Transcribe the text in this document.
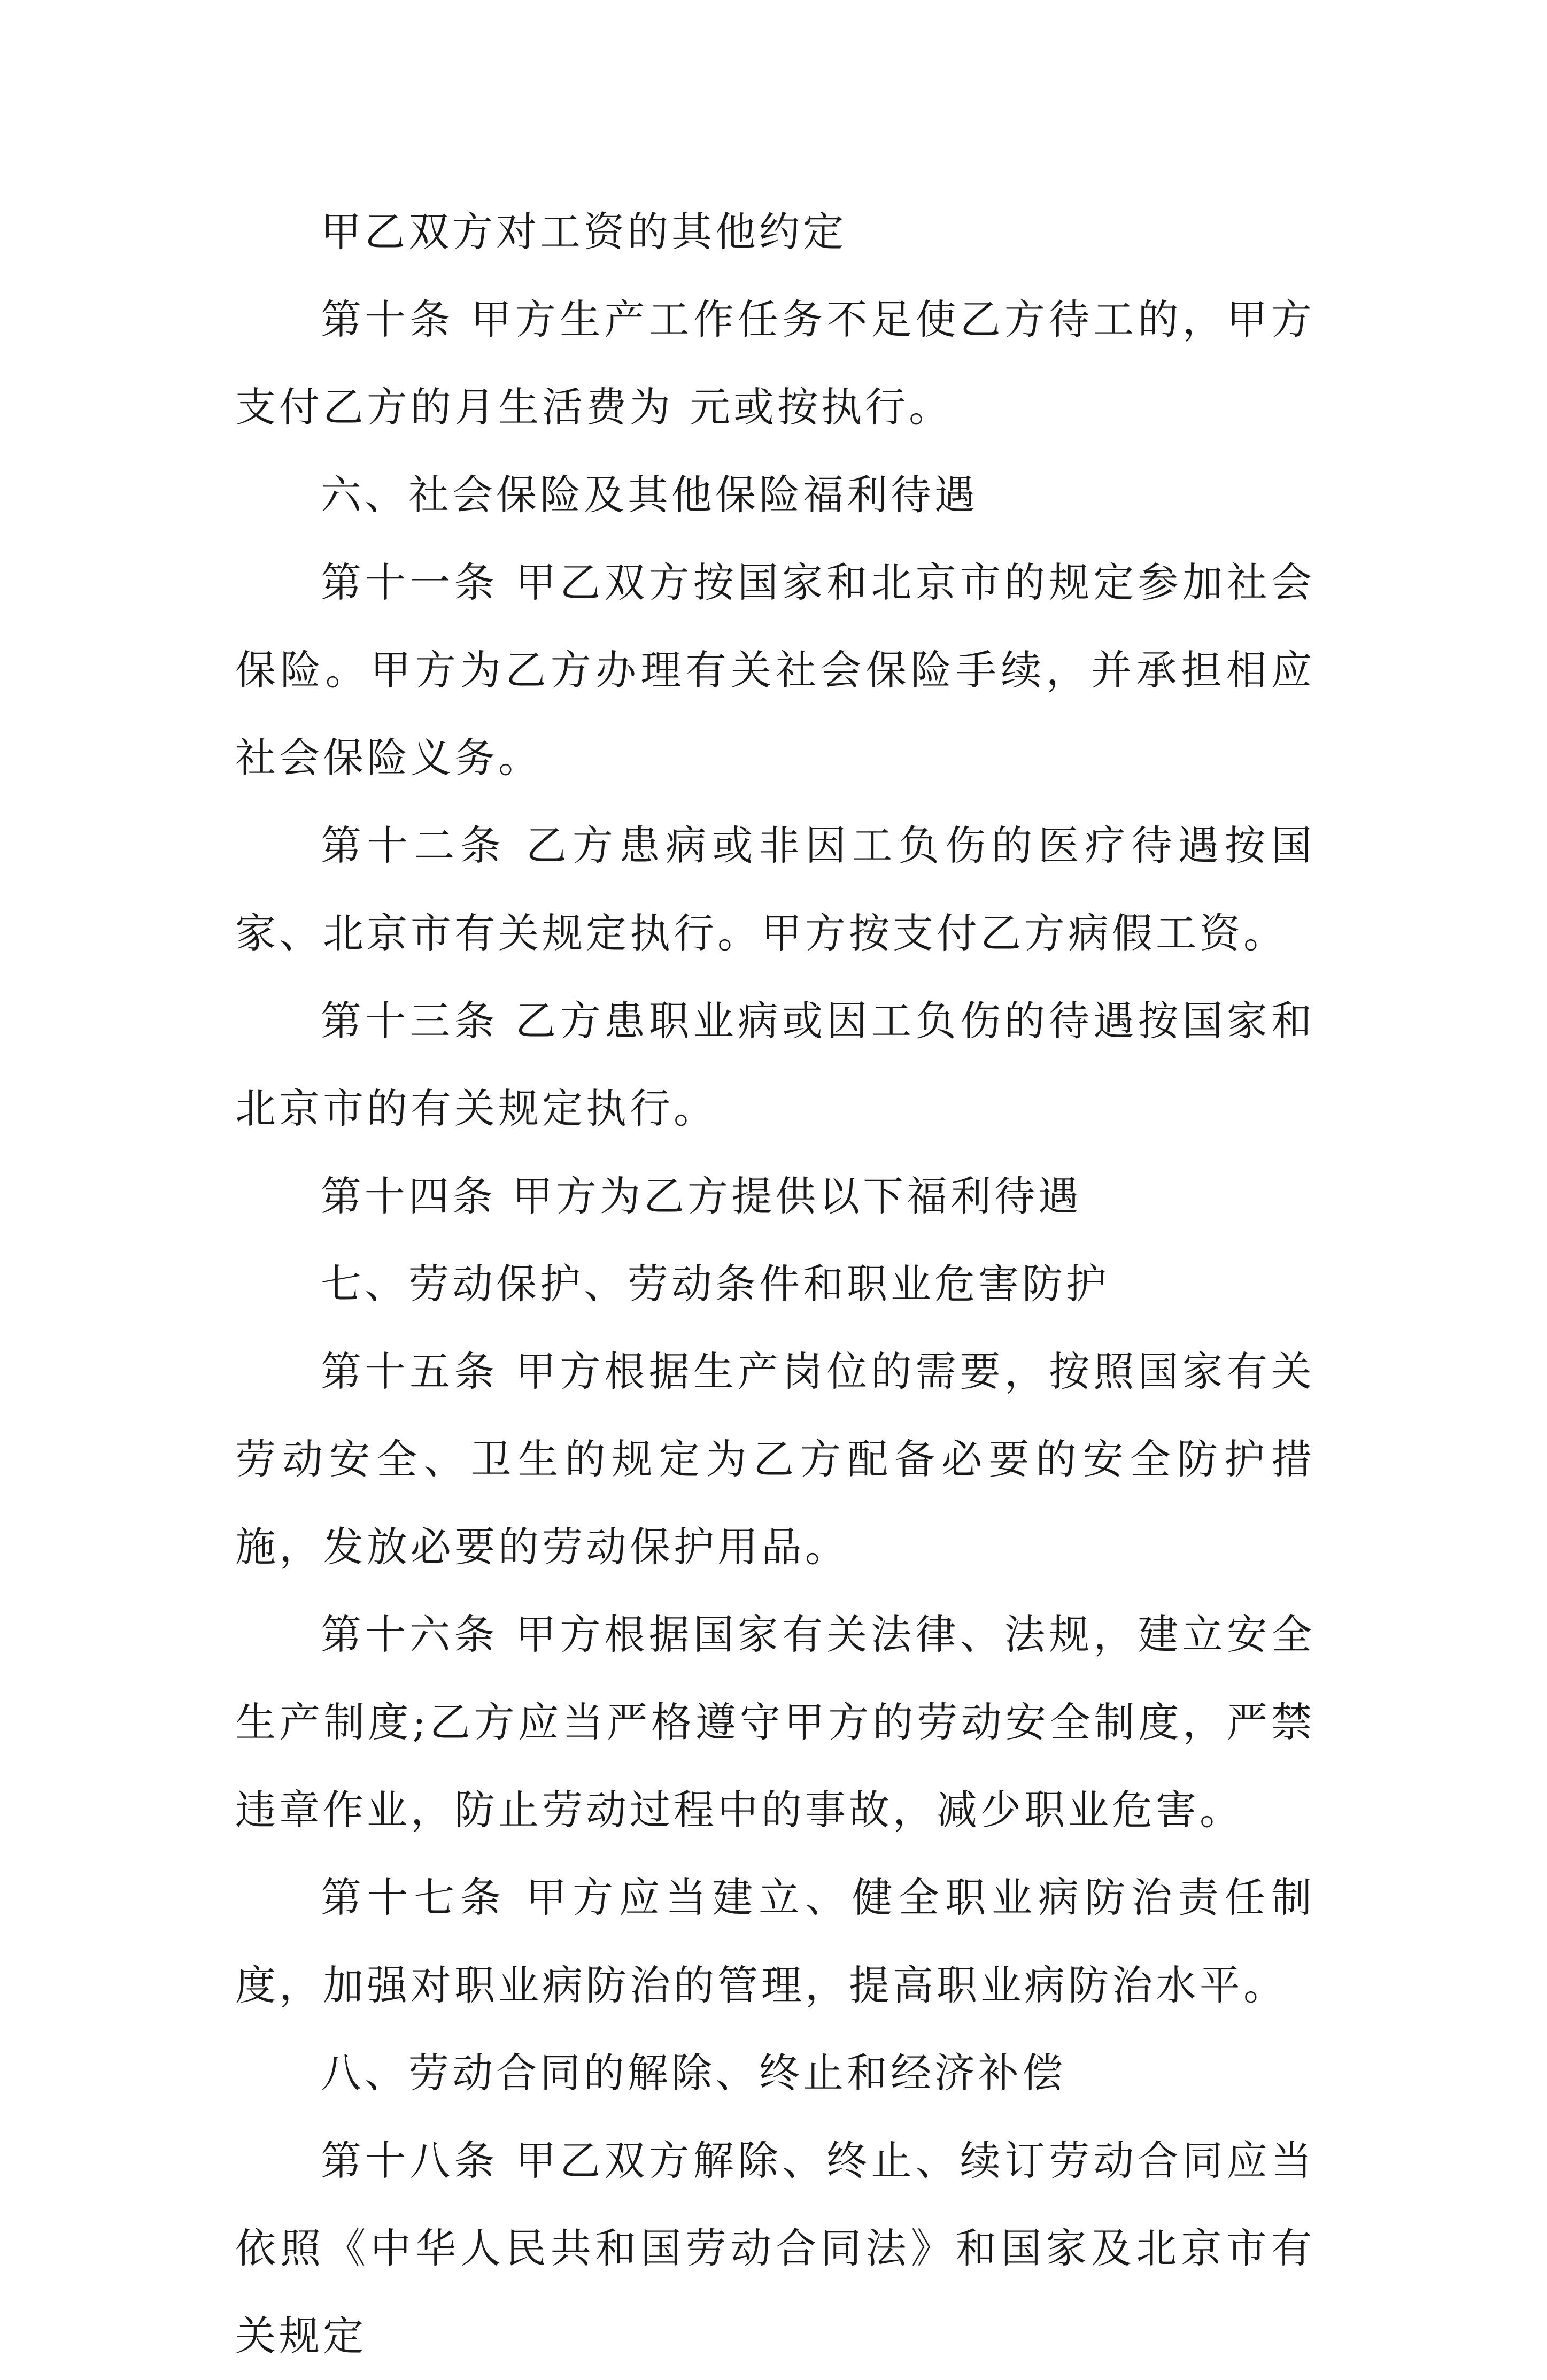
甲乙双方对工资的其他约定

第十条 甲方生产工作任务不足使乙方待工的，甲方支付乙方的月生活费为 元或按执行。

六、社会保险及其他保险福利待遇

第十一条 甲乙双方按国家和北京市的规定参加社会保险。甲方为乙方办理有关社会保险手续，并承担相应社会保险义务。

第十二条 乙方患病或非因工负伤的医疗待遇按国家、北京市有关规定执行。甲方按支付乙方病假工资。

第十三条 乙方患职业病或因工负伤的待遇按国家和北京市的有关规定执行。

第十四条 甲方为乙方提供以下福利待遇

七、劳动保护、劳动条件和职业危害防护

第十五条 甲方根据生产岗位的需要，按照国家有关劳动安全、卫生的规定为乙方配备必要的安全防护措施，发放必要的劳动保护用品。

第十六条 甲方根据国家有关法律、法规，建立安全生产制度;乙方应当严格遵守甲方的劳动安全制度，严禁违章作业，防止劳动过程中的事故，减少职业危害。

第十七条 甲方应当建立、健全职业病防治责任制度，加强对职业病防治的管理，提高职业病防治水平。

八、劳动合同的解除、终止和经济补偿

第十八条 甲乙双方解除、终止、续订劳动合同应当依照《中华人民共和国劳动合同法》和国家及北京市有关规定
